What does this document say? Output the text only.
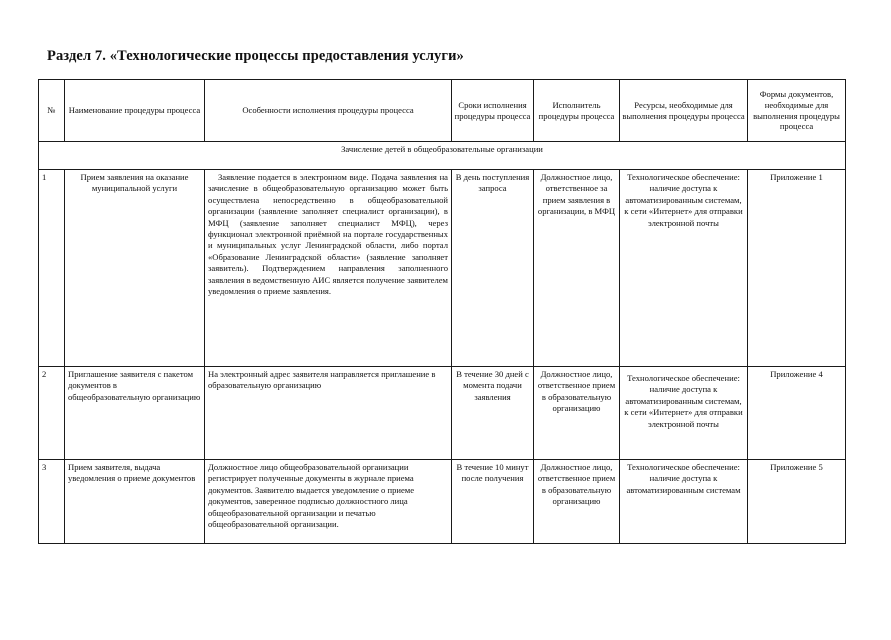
Раздел 7. «Технологические процессы предоставления услуги»
№	Наименование процедуры процесса	Особенности исполнения процедуры процесса	Сроки исполнения процедуры процесса	Исполнитель процедуры процесса	Ресурсы, необходимые для выполнения процедуры процесса	Формы документов, необходимые для выполнения процедуры процесса
Зачисление детей в общеобразовательные организации						
1	Прием заявления на оказание муниципальной услуги	Заявление подается в электронном виде. Подача заявления на зачисление в общеобразовательную организацию может быть осуществлена непосредственно в общеобразовательной организации (заявление заполняет специалист организации), в МФЦ (заявление заполняет специалист МФЦ), через функционал электронной приёмной на портале государственных и муниципальных услуг Ленинградской области, либо портал «Образование Ленинградской области» (заявление заполняет заявитель). Подтверждением направления заполненного заявления в ведомственную АИС является получение заявителем уведомления о приеме заявления.	В день поступления запроса	Должностное лицо, ответственное за прием заявления в организации, в МФЦ	Технологическое обеспечение: наличие доступа к автоматизированным системам, к сети «Интернет» для отправки электронной почты	Приложение 1
2	Приглашение заявителя с пакетом документов в общеобразовательную организацию	На электронный адрес заявителя направляется приглашение в образовательную организацию	В течение 30 дней с момента подачи заявления	Должностное лицо, ответственное прием в образовательную организацию	Технологическое обеспечение: наличие доступа к автоматизированным системам, к сети «Интернет» для отправки электронной почты	Приложение 4
3	Прием заявителя, выдача уведомления о приеме документов	Должностное лицо общеобразовательной организации регистрирует полученные документы в журнале приема документов. Заявителю выдается уведомление о приеме документов, заверенное подписью должностного лица общеобразовательной организации и печатью общеобразовательной организации.	В течение 10 минут после получения	Должностное лицо, ответственное прием в образовательную организацию	Технологическое обеспечение: наличие доступа к автоматизированным системам	Приложение 5
